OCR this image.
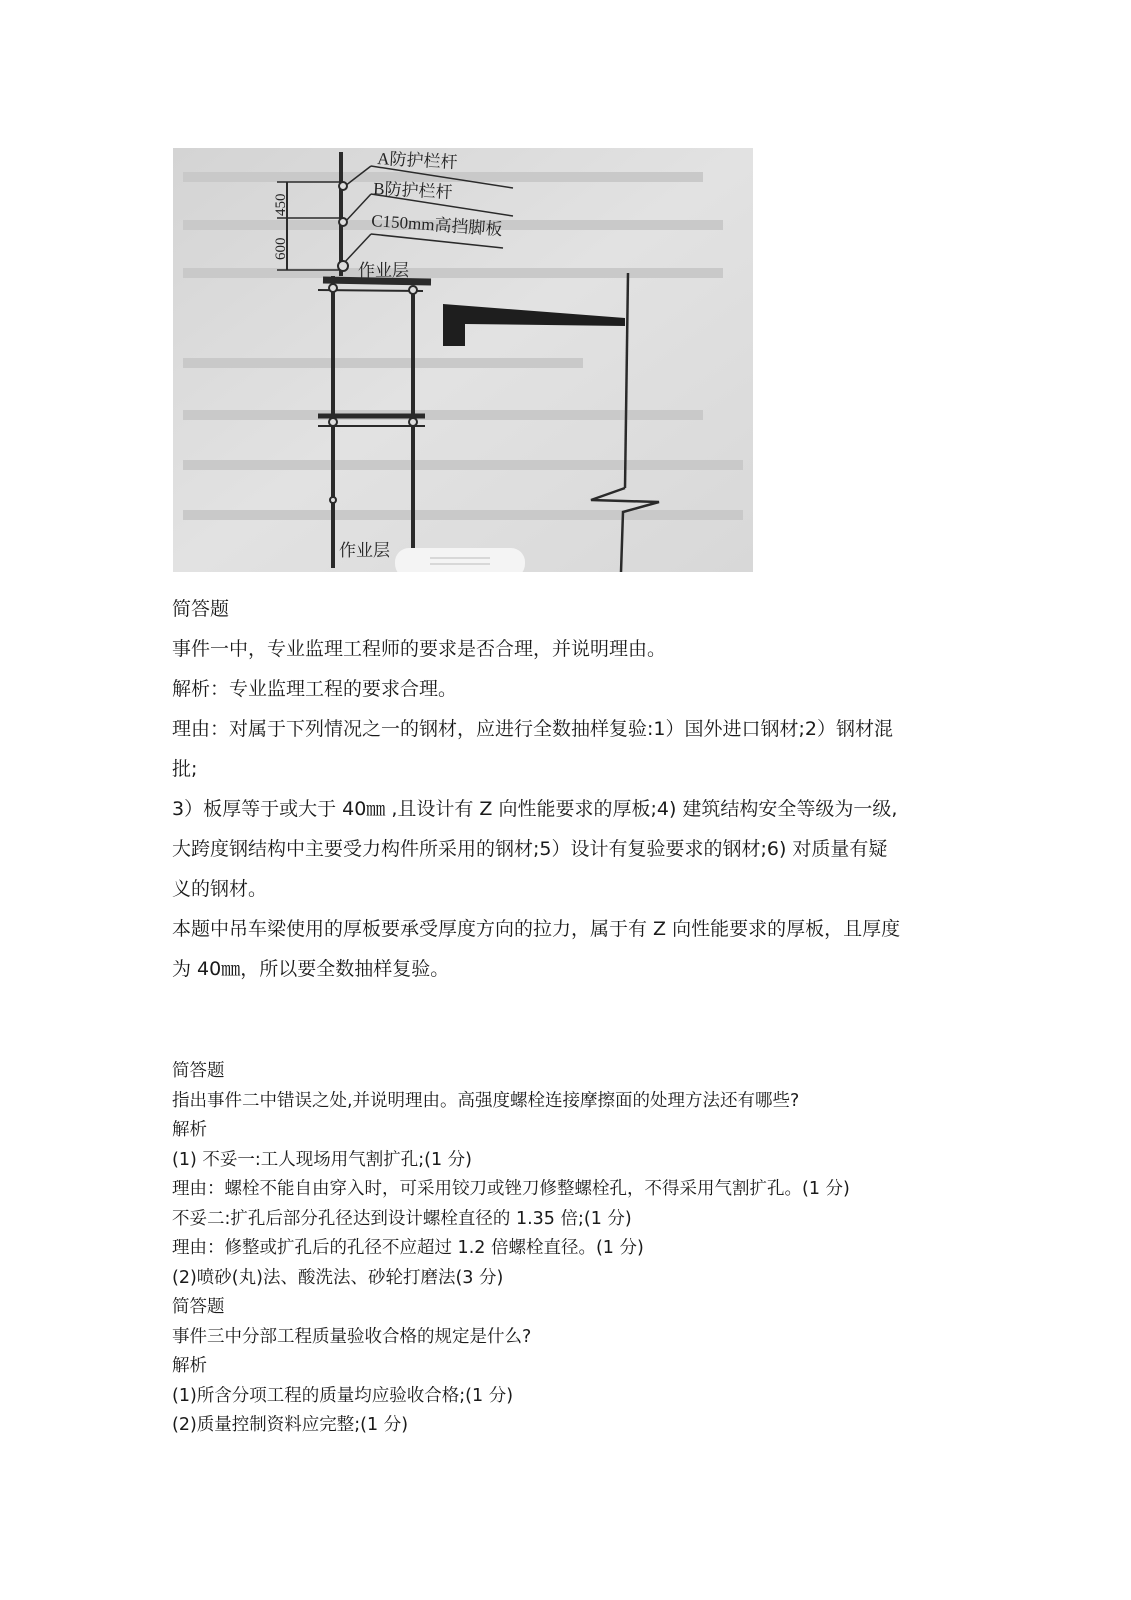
A防护栏杆
B防护栏杆
C150mm高挡脚板
作业层
作业层
450
600

简答题

事件一中，专业监理工程师的要求是否合理，并说明理由。

解析：专业监理工程的要求合理。

理由：对属于下列情况之一的钢材，应进行全数抽样复验:1）国外进口钢材;2）钢材混

批;

3）板厚等于或大于 40㎜ ,且设计有 Z 向性能要求的厚板;4) 建筑结构安全等级为一级,

大跨度钢结构中主要受力构件所采用的钢材;5）设计有复验要求的钢材;6) 对质量有疑

义的钢材。

本题中吊车梁使用的厚板要承受厚度方向的拉力，属于有 Z 向性能要求的厚板，且厚度

为 40㎜，所以要全数抽样复验。

简答题

指出事件二中错误之处,并说明理由。高强度螺栓连接摩擦面的处理方法还有哪些?

解析

(1) 不妥一:工人现场用气割扩孔;(1 分)

理由：螺栓不能自由穿入时，可采用铰刀或锉刀修整螺栓孔，不得采用气割扩孔。(1 分)

不妥二:扩孔后部分孔径达到设计螺栓直径的 1.35 倍;(1 分)

理由：修整或扩孔后的孔径不应超过 1.2 倍螺栓直径。(1 分)

(2)喷砂(丸)法、酸洗法、砂轮打磨法(3 分)

简答题

事件三中分部工程质量验收合格的规定是什么?

解析

(1)所含分项工程的质量均应验收合格;(1 分)

(2)质量控制资料应完整;(1 分)
